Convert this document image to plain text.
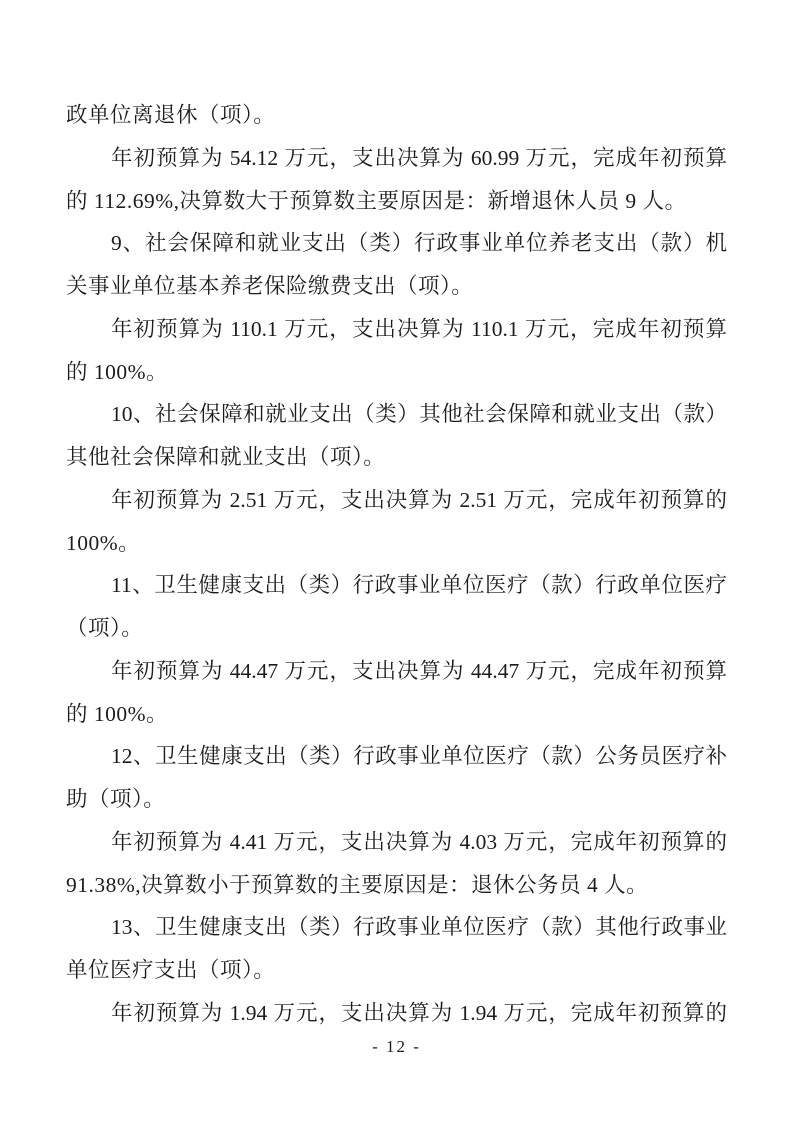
政单位离退休（项）。
年初预算为 54.12 万元，支出决算为 60.99 万元，完成年初预算
的 112.69%,决算数大于预算数主要原因是：新增退休人员 9 人。
9、社会保障和就业支出（类）行政事业单位养老支出（款）机
关事业单位基本养老保险缴费支出（项）。
年初预算为 110.1 万元，支出决算为 110.1 万元，完成年初预算
的 100%。
10、社会保障和就业支出（类）其他社会保障和就业支出（款）
其他社会保障和就业支出（项）。
年初预算为 2.51 万元，支出决算为 2.51 万元，完成年初预算的
100%。
11、卫生健康支出（类）行政事业单位医疗（款）行政单位医疗
（项）。
年初预算为 44.47 万元，支出决算为 44.47 万元，完成年初预算
的 100%。
12、卫生健康支出（类）行政事业单位医疗（款）公务员医疗补
助（项）。
年初预算为 4.41 万元，支出决算为 4.03 万元，完成年初预算的
91.38%,决算数小于预算数的主要原因是：退休公务员 4 人。
13、卫生健康支出（类）行政事业单位医疗（款）其他行政事业
单位医疗支出（项）。
年初预算为 1.94 万元，支出决算为 1.94 万元，完成年初预算的
- 12 -
